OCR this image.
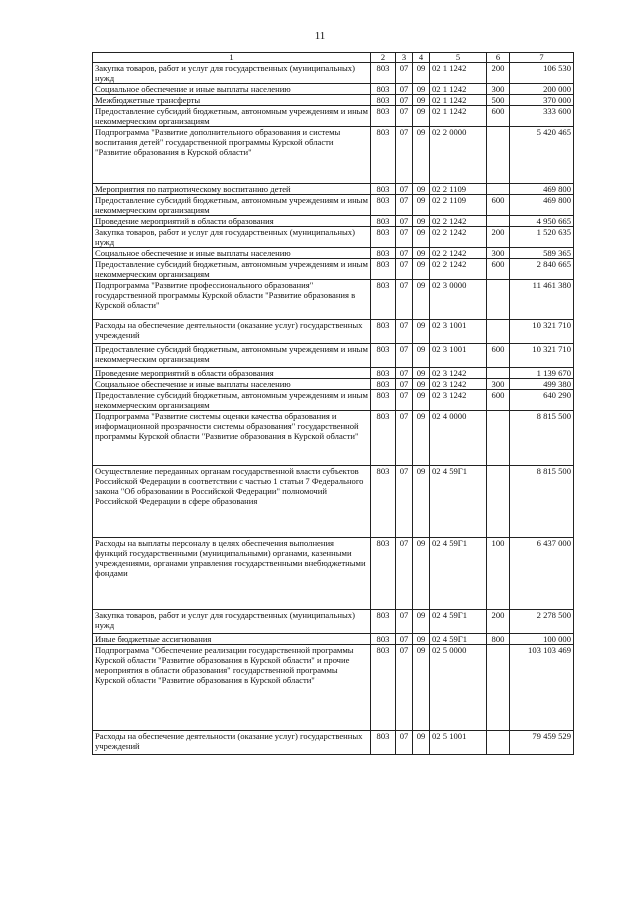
11
1	2	3	4	5	6	7
Закупка товаров, работ и услуг для государственных (муниципальных) нужд	803	07	09	02 1 1242	200	106 530
Социальное обеспечение и иные выплаты населению	803	07	09	02 1 1242	300	200 000
Межбюджетные трансферты	803	07	09	02 1 1242	500	370 000
Предоставление субсидий бюджетным, автономным учреждениям и иным некоммерческим организациям	803	07	09	02 1 1242	600	333 600
Подпрограмма "Развитие дополнительного образования и системы воспитания детей" государственной программы Курской области "Развитие образования в Курской области"	803	07	09	02 2 0000		5 420 465
Мероприятия по патриотическому воспитанию детей	803	07	09	02 2 1109		469 800
Предоставление субсидий бюджетным, автономным учреждениям и иным некоммерческим организациям	803	07	09	02 2 1109	600	469 800
Проведение мероприятий в области образования	803	07	09	02 2 1242		4 950 665
Закупка товаров, работ и услуг для государственных (муниципальных) нужд	803	07	09	02 2 1242	200	1 520 635
Социальное обеспечение и иные выплаты населению	803	07	09	02 2 1242	300	589 365
Предоставление субсидий бюджетным, автономным учреждениям и иным некоммерческим организациям	803	07	09	02 2 1242	600	2 840 665
Подпрограмма "Развитие профессионального образования" государственной программы Курской области "Развитие образования в Курской области"	803	07	09	02 3 0000		11 461 380
Расходы на обеспечение деятельности (оказание услуг) государственных учреждений	803	07	09	02 3 1001		10 321 710
Предоставление субсидий бюджетным, автономным учреждениям и иным некоммерческим организациям	803	07	09	02 3 1001	600	10 321 710
Проведение мероприятий в области образования	803	07	09	02 3 1242		1 139 670
Социальное обеспечение и иные выплаты населению	803	07	09	02 3 1242	300	499 380
Предоставление субсидий бюджетным, автономным учреждениям и иным некоммерческим организациям	803	07	09	02 3 1242	600	640 290
Подпрограмма "Развитие системы оценки качества образования и информационной прозрачности системы образования" государственной программы Курской области "Развитие образования в Курской области"	803	07	09	02 4 0000		8 815 500
Осуществление переданных органам государственной власти субъектов Российской Федерации в соответствии с частью 1 статьи 7 Федерального закона "Об образовании в Российской Федерации" полномочий Российской Федерации в сфере образования	803	07	09	02 4 59Г1		8 815 500
Расходы на выплаты персоналу в целях обеспечения выполнения функций государственными (муниципальными) органами, казенными учреждениями, органами управления государственными внебюджетными фондами	803	07	09	02 4 59Г1	100	6 437 000
Закупка товаров, работ и услуг для государственных (муниципальных) нужд	803	07	09	02 4 59Г1	200	2 278 500
Иные бюджетные ассигнования	803	07	09	02 4 59Г1	800	100 000
Подпрограмма "Обеспечение реализации государственной программы Курской области "Развитие образования в Курской области" и прочие мероприятия в области образования" государственной программы Курской области "Развитие образования в Курской области"	803	07	09	02 5 0000		103 103 469
Расходы на обеспечение деятельности (оказание услуг) государственных учреждений	803	07	09	02 5 1001		79 459 529
